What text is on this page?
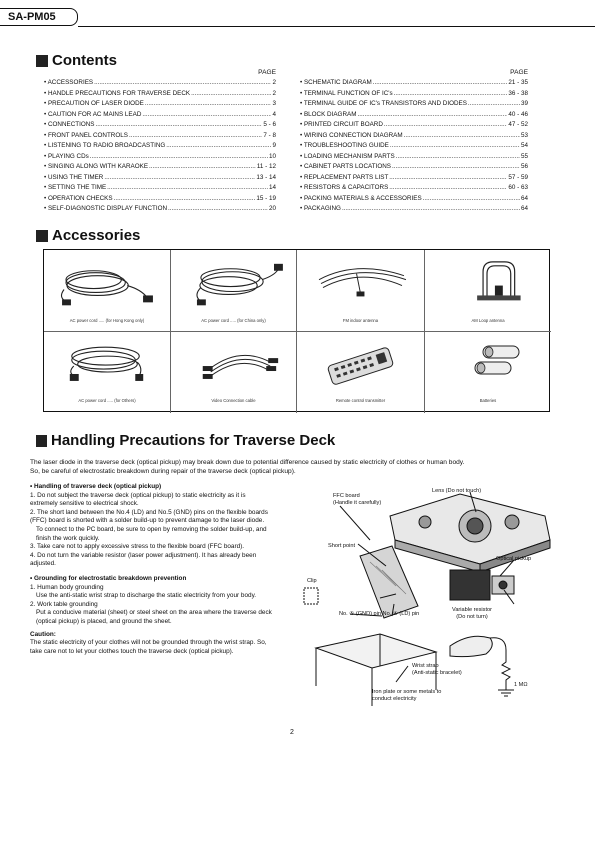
SA-PM05
Contents
PAGE
• ACCESSORIES .....	2
• HANDLE PRECAUTIONS FOR TRAVERSE DECK .....	2
• PRECAUTION OF LASER DIODE .....	3
• CAUTION FOR AC MAINS LEAD .....	4
• CONNECTIONS .....	5 - 6
• FRONT PANEL CONTROLS .....	7 - 8
• LISTENING TO RADIO BROADCASTING .....	9
• PLAYING CDs .....	10
• SINGING ALONG WITH KARAOKE .....	11 - 12
• USING THE TIMER .....	13 - 14
• SETTING THE TIME .....	14
• OPERATION CHECKS .....	15 - 19
• SELF-DIAGNOSTIC DISPLAY FUNCTION .....	20
PAGE
• SCHEMATIC DIAGRAM .....	21 - 35
• TERMINAL FUNCTION OF IC's .....	36 - 38
• TERMINAL GUIDE OF IC's TRANSISTORS AND DIODES .....	39
• BLOCK DIAGRAM .....	40 - 46
• PRINTED CIRCUIT BOARD .....	47 - 52
• WIRING CONNECTION DIAGRAM .....	53
• TROUBLESHOOTING GUIDE .....	54
• LOADING MECHANISM PARTS .....	55
• CABINET PARTS LOCATIONS .....	56
• REPLACEMENT PARTS LIST .....	57 - 59
• RESISTORS & CAPACITORS .....	60 - 63
• PACKING MATERIALS & ACCESSORIES .....	64
• PACKAGING .....	64
Accessories
AC power cord ..... (for Hong Kong only)	AC power cord ..... (for China only)	FM indoor antenna	AM Loop antenna
AC power cord ..... (for Others)	Video Connection cable	Remote control transmitter	Batteries
Handling Precautions for Traverse Deck
The laser diode in the traverse deck (optical pickup) may break down due to potential difference caused by static electricity of clothes or human body.
So, be careful of electrostatic breakdown during repair of the traverse deck (optical pickup).
• Handling of traverse deck (optical pickup)
1. Do not subject the traverse deck (optical pickup) to static electricity as it is extremely sensitive to electrical shock.
2. The short land between the No.4 (LD) and No.5 (GND) pins on the flexible boards (FFC) board is shorted with a solder build-up to prevent damage to the laser diode.
To connect to the PC board, be sure to open by removing the solder build-up, and finish the work quickly.
3. Take care not to apply excessive stress to the flexible board (FFC board).
4. Do not turn the variable resistor (laser power adjustment). It has already been adjusted.
• Grounding for electrostatic breakdown prevention
1. Human body grounding
Use the anti-static wrist strap to discharge the static electricity from your body.
2. Work table grounding
Put a conducive material (sheet) or steel sheet on the area where the traverse deck (optical pickup) is placed, and ground the sheet.
Caution:
The static electricity of your clothes will not be grounded through the wrist strap. So, take care not to let your clothes touch the traverse deck (optical pickup).
FFC board
(Handle it carefully)
Lens (Do not touch)
Short point
Optical pickup
Clip
No. ⑤ (GND) pin No. ④ (LD) pin
Variable resistor
(Do not turn)
Wrist strap
(Anti-static bracelet)
1 MΩ
Iron plate or some metals to
conduct electricity
2
